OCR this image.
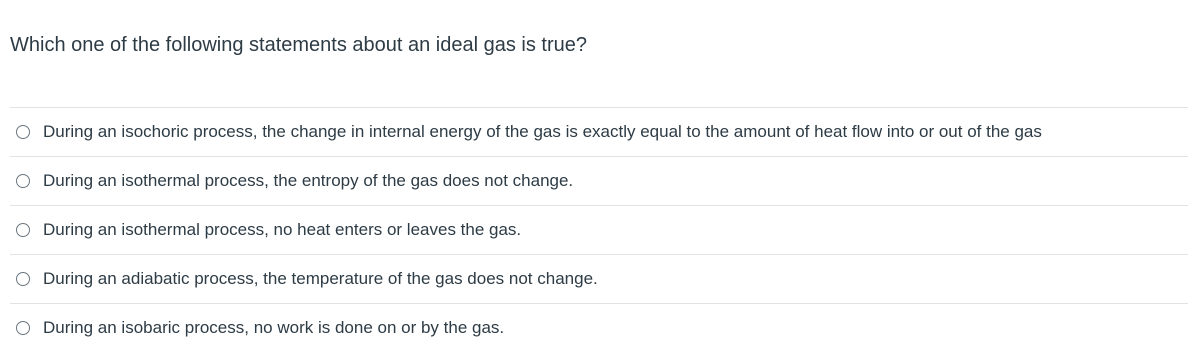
Which one of the following statements about an ideal gas is true?
During an isochoric process, the change in internal energy of the gas is exactly equal to the amount of heat flow into or out of the gas
During an isothermal process, the entropy of the gas does not change.
During an isothermal process, no heat enters or leaves the gas.
During an adiabatic process, the temperature of the gas does not change.
During an isobaric process, no work is done on or by the gas.
